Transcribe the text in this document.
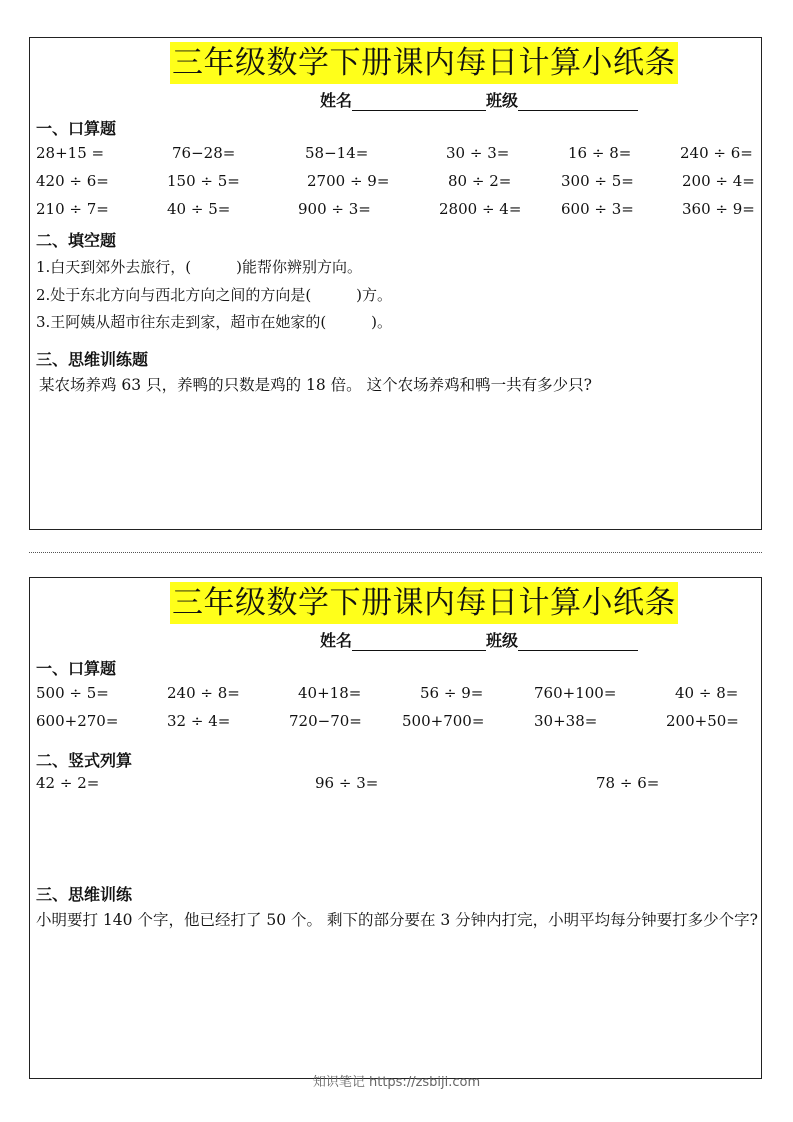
三年级数学下册课内每日计算小纸条
姓名	班级
一、口算题
28+15 =	76−28=	58−14=	30 ÷ 3=	16 ÷ 8=	240 ÷ 6=
420 ÷ 6=	150 ÷ 5=	2700 ÷ 9=	80 ÷ 2=	300 ÷ 5=	200 ÷ 4=
210 ÷ 7=	40 ÷ 5=	900 ÷ 3=	2800 ÷ 4=	600 ÷ 3=	360 ÷ 9=
二、填空题
1.白天到郊外去旅行，(　　　)能帮你辨别方向。
2.处于东北方向与西北方向之间的方向是(　　　)方。
3.王阿姨从超市往东走到家，超市在她家的(　　　)。
三、思维训练题
某农场养鸡 63 只，养鸭的只数是鸡的 18 倍。 这个农场养鸡和鸭一共有多少只?
三年级数学下册课内每日计算小纸条
姓名	班级
一、口算题
500 ÷ 5=	240 ÷ 8=	40+18=	56 ÷ 9=	760+100=	40 ÷ 8=
600+270=	32 ÷ 4=	720−70=	500+700=	30+38=	200+50=
二、竖式列算
42 ÷ 2=	96 ÷ 3=	78 ÷ 6=
三、思维训练
小明要打 140 个字，他已经打了 50 个。 剩下的部分要在 3 分钟内打完，小明平均每分钟要打多少个字?
知识笔记 https://zsbiji.com
